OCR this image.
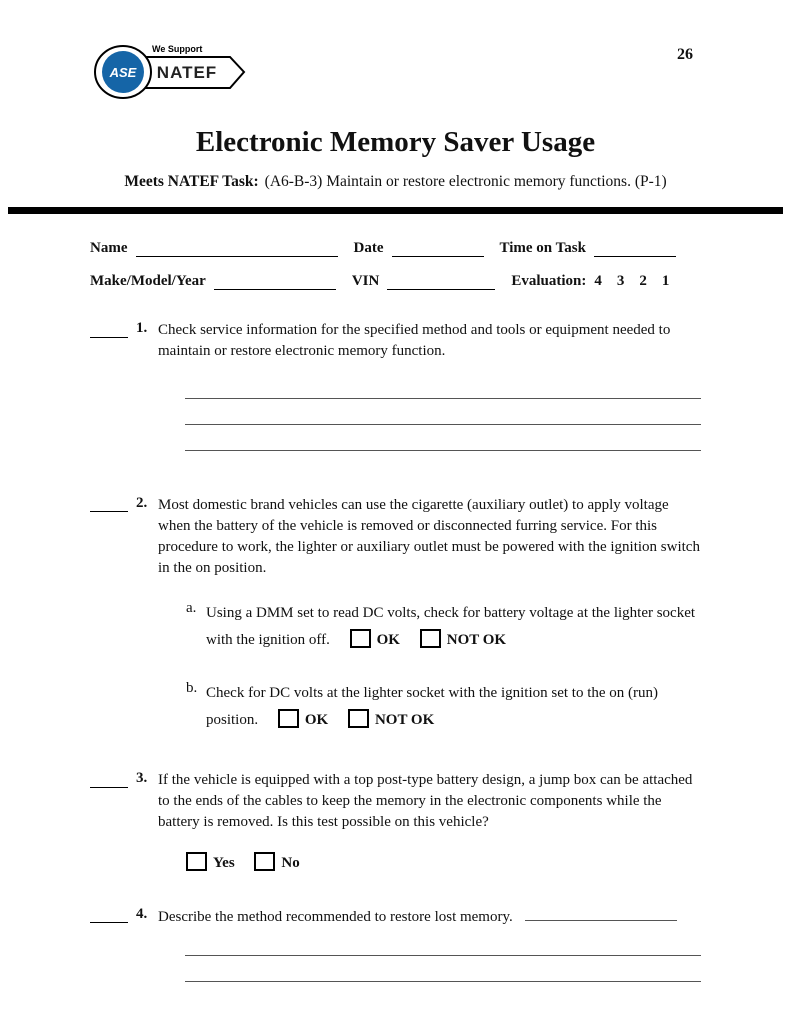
ASE
We Support
NATEF
26
Electronic Memory Saver Usage
Meets NATEF Task: (A6-B-3) Maintain or restore electronic memory functions. (P-1)
Name	Date	Time on Task
Make/Model/Year	VIN	Evaluation: 4    3    2    1
1. Check service information for the specified method and tools or equipment needed to maintain or restore electronic memory function.

2. Most domestic brand vehicles can use the cigarette (auxiliary outlet) to apply voltage when the battery of the vehicle is removed or disconnected furring service. For this procedure to work, the lighter or auxiliary outlet must be powered with the ignition switch in the on position.

a. Using a DMM set to read DC volts, check for battery voltage at the lighter socket with the ignition off.	OK	NOT OK

b. Check for DC volts at the lighter socket with the ignition set to the on (run) position.	OK	NOT OK

3. If the vehicle is equipped with a top post-type battery design, a jump box can be attached to the ends of the cables to keep the memory in the electronic components while the battery is removed. Is this test possible on this vehicle?

Yes	No
4. Describe the method recommended to restore lost memory.
